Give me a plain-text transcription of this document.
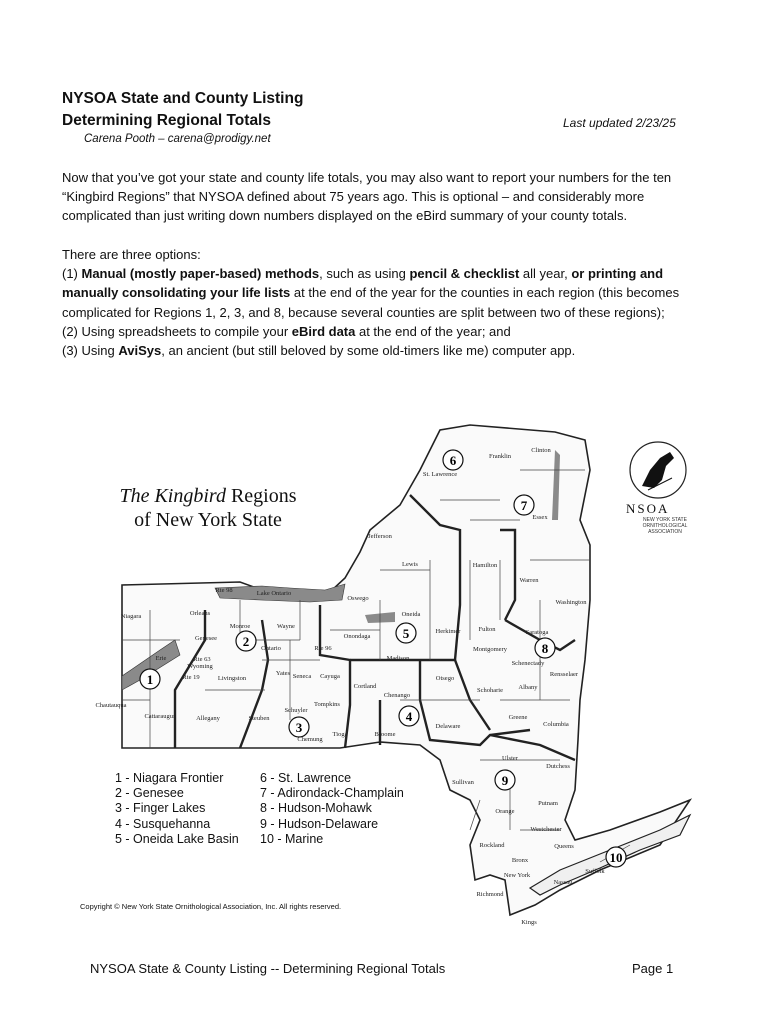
NYSOA State and County Listing
Determining Regional Totals	Last updated 2/23/25
Carena Pooth – carena@prodigy.net
Now that you’ve got your state and county life totals, you may also want to report your numbers for the ten “Kingbird Regions” that NYSOA defined about 75 years ago. This is optional – and considerably more complicated than just writing down numbers displayed on the eBird summary of your county totals.
There are three options:
(1) Manual (mostly paper-based) methods, such as using pencil & checklist all year, or printing and manually consolidating your life lists at the end of the year for the counties in each region (this becomes complicated for Regions 1, 2, 3, and 8, because several counties are split between two of these regions);
(2) Using spreadsheets to compile your eBird data at the end of the year; and
(3) Using AviSys, an ancient (but still beloved by some old-timers like me) computer app.
1
2
3
4
5
6
7
8
9
10
Clinton
Franklin
St. Lawrence
Essex
Jefferson
Lewis	Hamilton
Warren
Washington
Oswego
Oneida
Herkimer	Fulton	Saratoga
Montgomery
Schenectady
Rensselaer
Albany
Schoharie
Otsego
Madison
Onondaga
Cayuga
Cortland
Chenango
Broome
Delaware
Greene
Columbia
Ulster
Dutchess
Sullivan
Orange
Putnam
Westchester
Rockland	Queens
Suffolk
Nassau
Bronx
New York
Kings
Richmond
Niagara	Orleans
Monroe	Wayne
Genesee
Erie
Wyoming
Livingston
Ontario
Yates Seneca
Schuyler
Tompkins
Chemung
Tioga
Steuben
Allegany
Cattaraugus
Chautauqua
Lake Ontario
Rte 98
Rte 63
Rte 19
Rte 96
The Kingbird Regions
of New York State
NSOA
NEW YORK STATE ORNITHOLOGICAL ASSOCIATION
1 - Niagara Frontier
2 - Genesee
3 - Finger Lakes
4 - Susquehanna
5 - Oneida Lake Basin
6 - St. Lawrence
7 - Adirondack-Champlain
8 - Hudson-Mohawk
9 - Hudson-Delaware
10 - Marine
Copyright © New York State Ornithological Association, Inc. All rights reserved.
NYSOA State & County Listing -- Determining Regional Totals	Page 1
